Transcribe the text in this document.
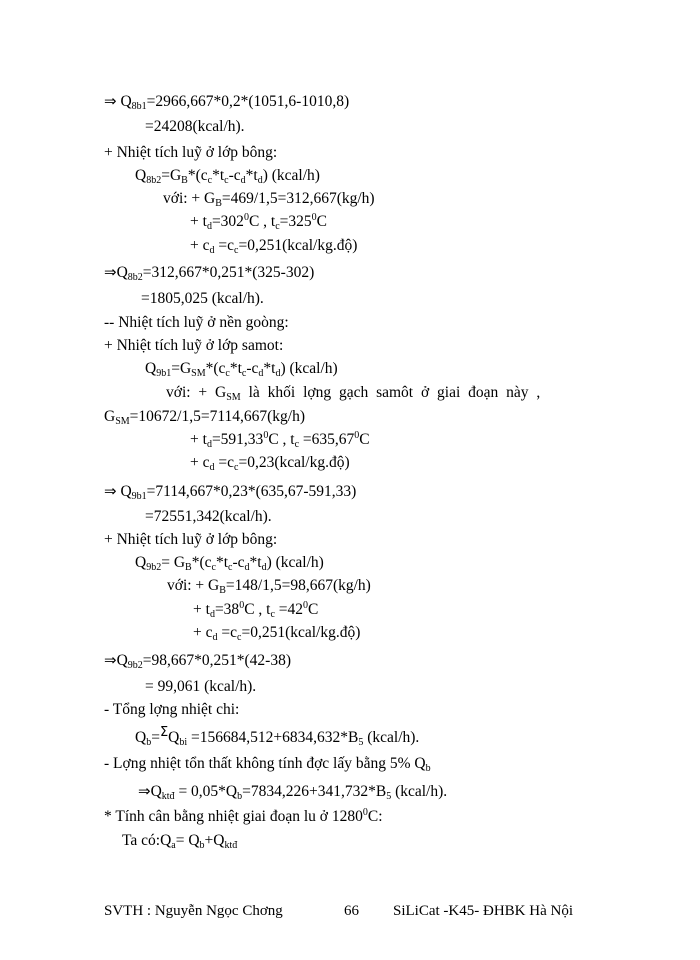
⇒ $Q_{8b1}=2966,667*0,2*(1051,6-1010,8)$
=24208(kcal/h).
+ Nhiệt tích luỹ ở lớp bông:
$Q_{8b2}=G_B*(c_c*t_c-c_d*t_d)$ (kcal/h)
với: + $G_B=469/1,5=312,667(kg/h)$
+ $t_d=302^0C$ , $t_c=325^0C$
+ $c_d$ $=c_c=0,251(kcal/kg.độ)$
$\Rightarrow Q_{8b2}=312,667*0,251*(325-302)$
=1805,025 (kcal/h).
-- Nhiệt tích luỹ ở nền goòng:
+ Nhiệt tích luỹ ở lớp samot:
$Q_{9b1}=G_{SM}*(c_c*t_c-c_d*t_d)$ (kcal/h)
với: + $G_{SM}$ là khối lợng gạch samôt ở giai đoạn này ,
$G_{SM}=10672/1,5=7114,667(kg/h)$
+ $t_d=591,33^0C$ , $t_c =635,67^0C$
+ $c_d$ $=c_c=0,23(kcal/kg.độ)$
⇒ $Q_{9b1}=7114,667*0,23*(635,67-591,33)$
=72551,342(kcal/h).
+ Nhiệt tích luỹ ở lớp bông:
$Q_{9b2}= G_B*(c_c*t_c-c_d*t_d)$ (kcal/h)
với: + $G_B=148/1,5=98,667(kg/h)$
+ $t_d=38^0C$ , $t_c =42^0C$
+ $c_d$ $=c_c=0,251(kcal/kg.độ)$
$\Rightarrow Q_{9b2}=98,667*0,251*(42-38)$
= 99,061 (kcal/h).
- Tổng lợng nhiệt chi:
$Q_b=^\Sigma Q_{bi} =156684,512+6834,632*B_5$ (kcal/h).
- Lợng nhiệt tổn thất không tính đợc lấy bằng 5% $Q_b$
$\Rightarrow Q_{ktđ} = 0,05*Q_b=7834,226+341,732*B_5$ (kcal/h).
* Tính cân bằng nhiệt giai đoạn lu ở 1280$^0$C:
Ta $có:Q_a= Q_b+Q_{ktđ}$
SVTH : Nguyễn Ngọc Chơng	66 SiLiCat -K45- ĐHBK Hà Nội
